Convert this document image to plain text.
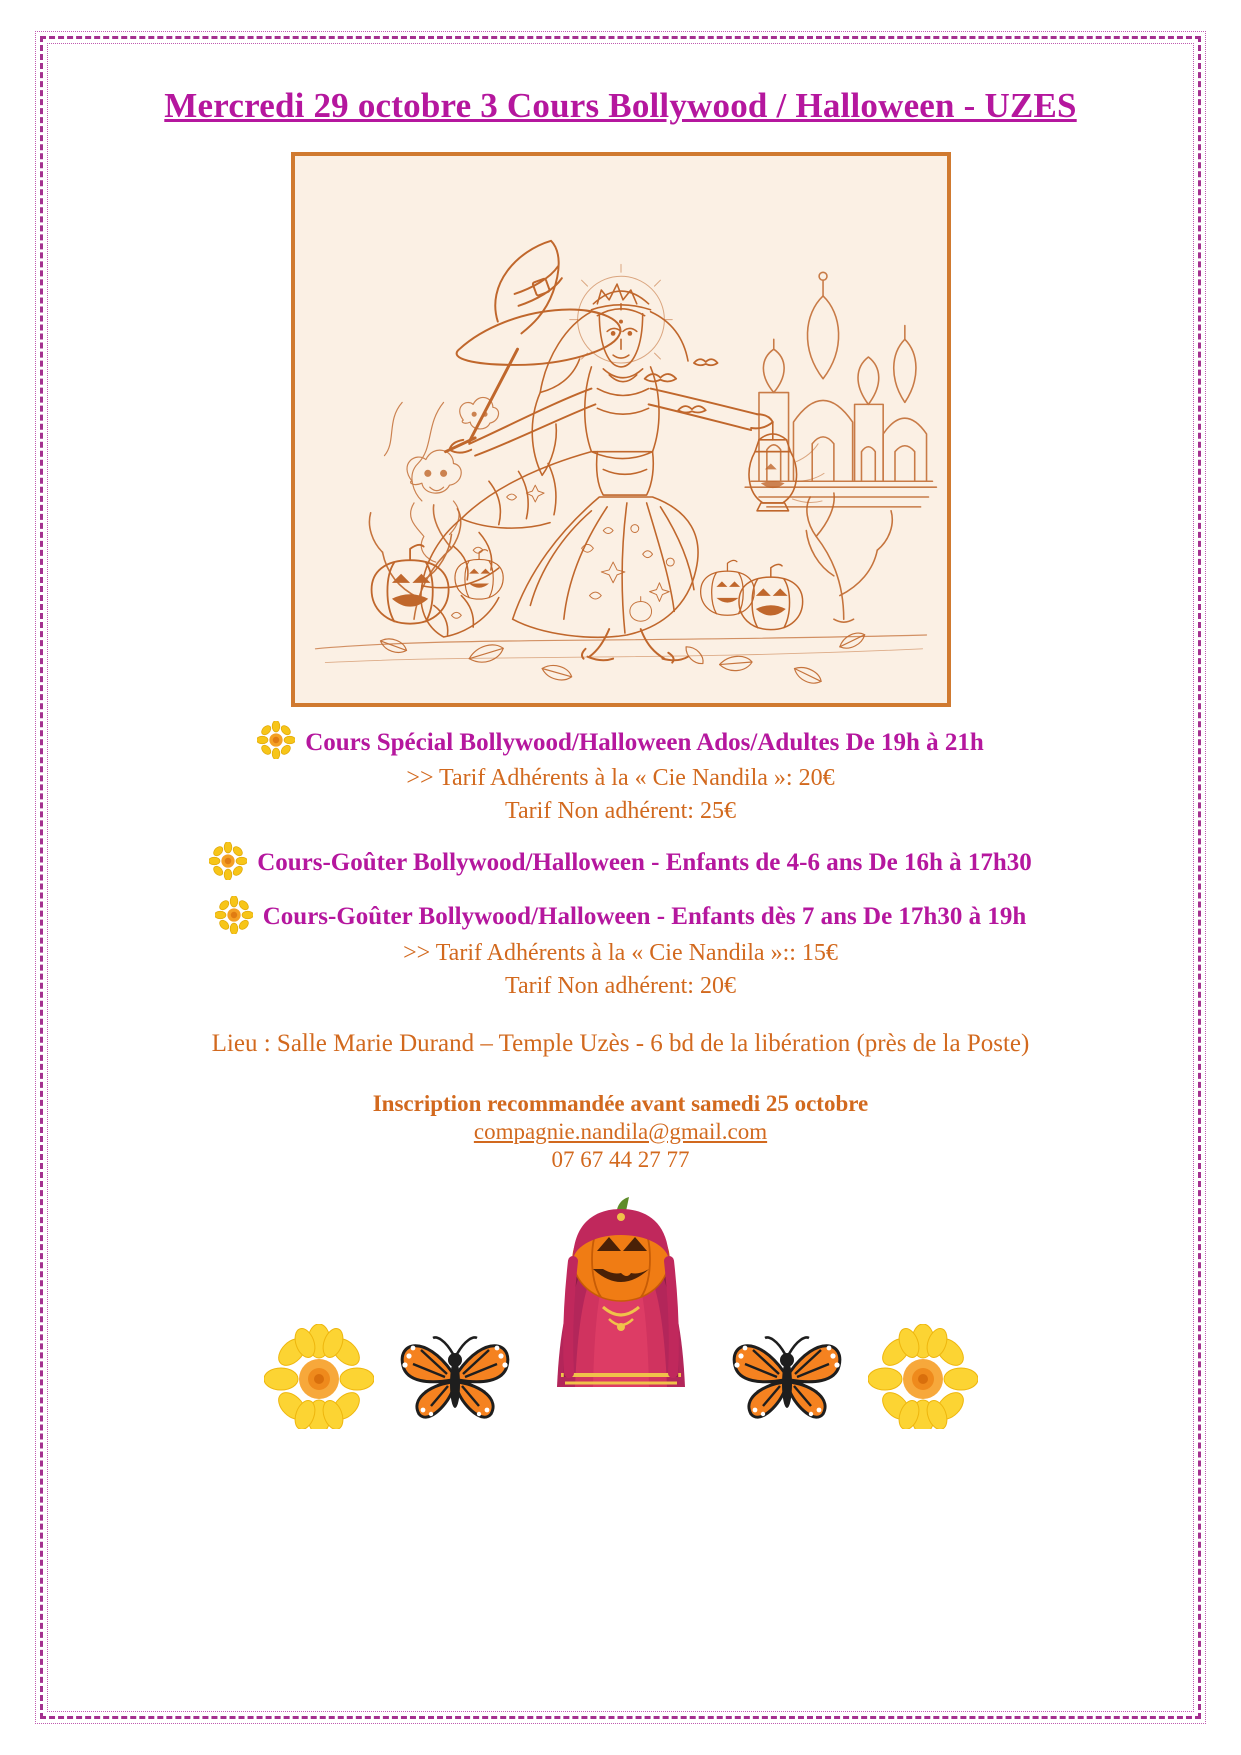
Mercredi 29 octobre 3 Cours Bollywood / Halloween - UZES
Cours Spécial Bollywood/Halloween Ados/Adultes De 19h à 21h
>> Tarif Adhérents à la « Cie Nandila »: 20€
Tarif Non adhérent: 25€
Cours-Goûter Bollywood/Halloween - Enfants de 4-6 ans De 16h à 17h30
Cours-Goûter Bollywood/Halloween - Enfants dès 7 ans De 17h30 à 19h
>> Tarif Adhérents à la « Cie Nandila »:: 15€
Tarif Non adhérent: 20€
Lieu : Salle Marie Durand – Temple Uzès - 6 bd de la libération (près de la Poste)
Inscription recommandée avant samedi 25 octobre
compagnie.nandila@gmail.com
07 67 44 27 77
